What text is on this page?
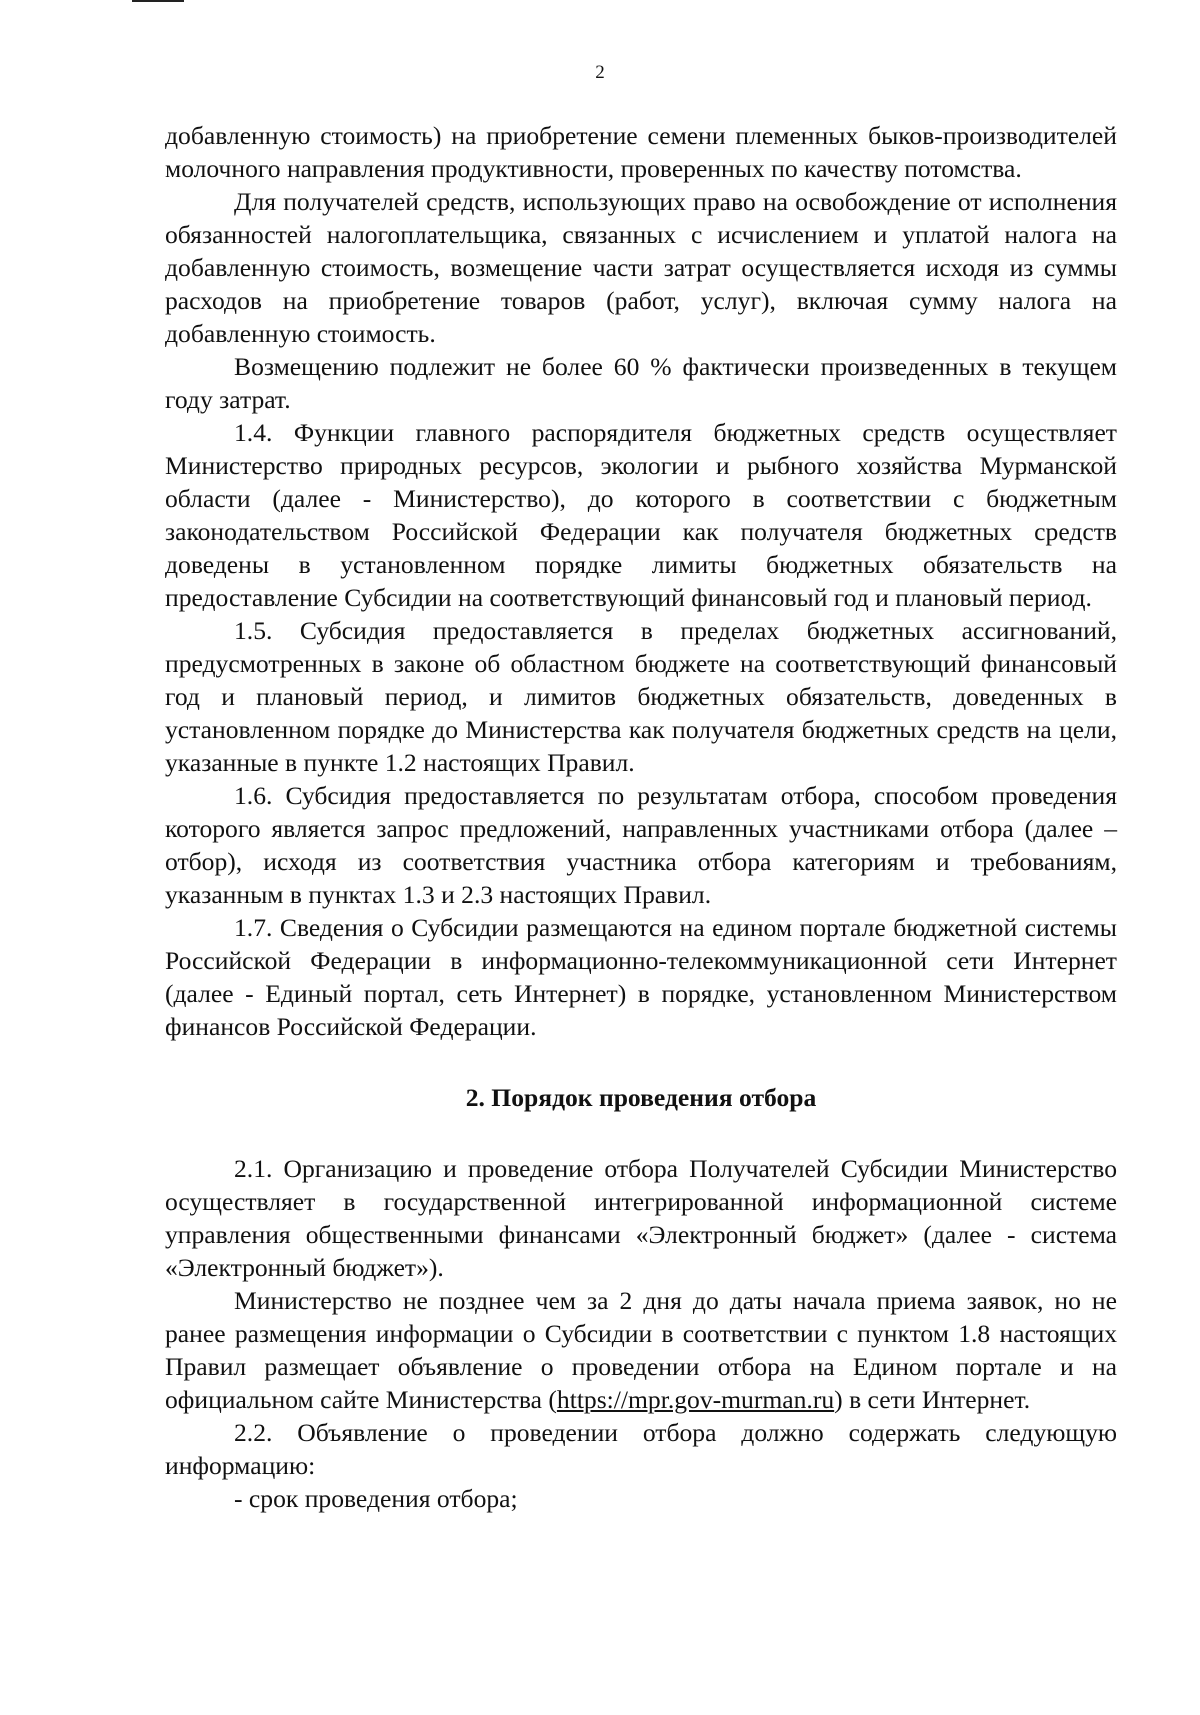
2

добавленную стоимость) на приобретение семени племенных быков-производителей молочного направления продуктивности, проверенных по качеству потомства.

Для получателей средств, использующих право на освобождение от исполнения обязанностей налогоплательщика, связанных с исчислением и уплатой налога на добавленную стоимость, возмещение части затрат осуществляется исходя из суммы расходов на приобретение товаров (работ, услуг), включая сумму налога на добавленную стоимость.

Возмещению подлежит не более 60 % фактически произведенных в текущем году затрат.

1.4. Функции главного распорядителя бюджетных средств осуществляет Министерство природных ресурсов, экологии и рыбного хозяйства Мурманской области (далее - Министерство), до которого в соответствии с бюджетным законодательством Российской Федерации как получателя бюджетных средств доведены в установленном порядке лимиты бюджетных обязательств на предоставление Субсидии на соответствующий финансовый год и плановый период.

1.5. Субсидия предоставляется в пределах бюджетных ассигнований, предусмотренных в законе об областном бюджете на соответствующий финансовый год и плановый период, и лимитов бюджетных обязательств, доведенных в установленном порядке до Министерства как получателя бюджетных средств на цели, указанные в пункте 1.2 настоящих Правил.

1.6. Субсидия предоставляется по результатам отбора, способом проведения которого является запрос предложений, направленных участниками отбора (далее – отбор), исходя из соответствия участника отбора категориям и требованиям, указанным в пунктах 1.3 и 2.3 настоящих Правил.

1.7. Сведения о Субсидии размещаются на едином портале бюджетной системы Российской Федерации в информационно-телекоммуникационной сети Интернет (далее - Единый портал, сеть Интернет) в порядке, установленном Министерством финансов Российской Федерации.

2. Порядок проведения отбора

2.1. Организацию и проведение отбора Получателей Субсидии Министерство осуществляет в государственной интегрированной информационной системе управления общественными финансами «Электронный бюджет» (далее - система «Электронный бюджет»).

Министерство не позднее чем за 2 дня до даты начала приема заявок, но не ранее размещения информации о Субсидии в соответствии с пунктом 1.8 настоящих Правил размещает объявление о проведении отбора на Едином портале и на официальном сайте Министерства (https://mpr.gov-murman.ru) в сети Интернет.

2.2. Объявление о проведении отбора должно содержать следующую информацию:

- срок проведения отбора;
